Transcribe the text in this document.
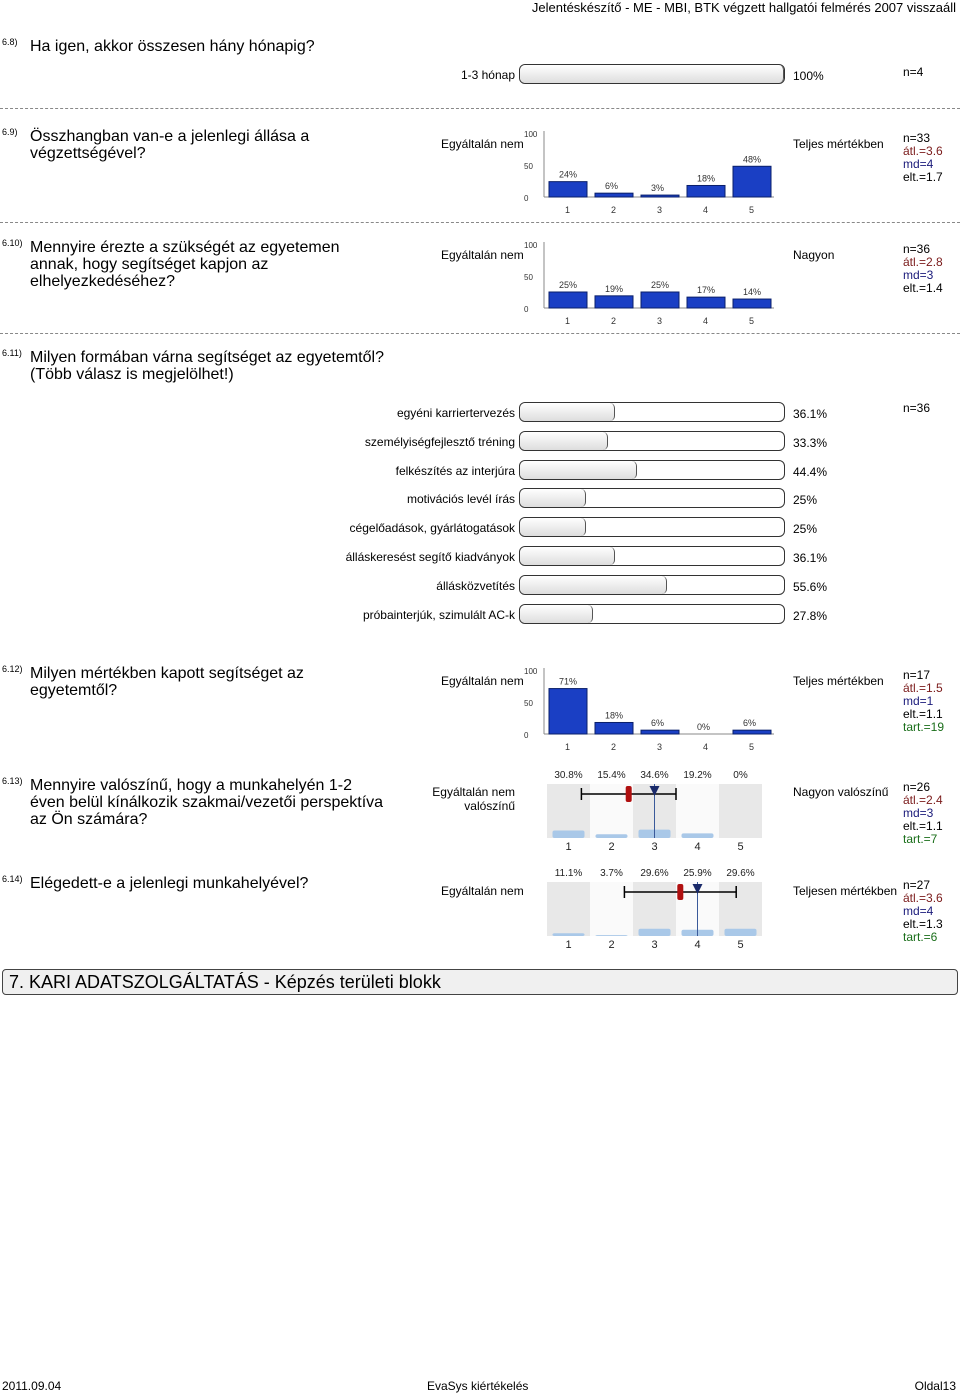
Jelentéskészítő - ME - MBI, BTK végzett hallgatói felmérés 2007 visszaáll
6.8) Ha igen, akkor összesen hány hónapig?
1-3 hónap	100%	n=4
6.9) Összhangban van-e a jelenlegi állása a végzettségével?
Egyáltalán nem
100
50
0
24%
1
6%
2
3%
3
18%
4
48%
5
Teljes mértékben n=33
átl.=3.6
md=4
elt.=1.7
6.10) Mennyire érezte a szükségét az egyetemen annak, hogy segítséget kapjon az elhelyezkedéséhez?
Egyáltalán nem
100
50
0
25%
1
19%
2
25%
3
17%
4
14%
5
Nagyon	n=36
átl.=2.8
md=3
elt.=1.4
6.11) Milyen formában várna segítséget az egyetemtől? (Több válasz is megjelölhet!)
n=36
egyéni karriertervezés	36.1%
személyiségfejlesztő tréning	33.3%
felkészítés az interjúra	44.4%
motivációs levél írás	25%
cégelőadások, gyárlátogatások	25%
álláskeresést segítő kiadványok	36.1%
állásközvetítés	55.6%
próbainterjúk, szimulált AC-k	27.8%
6.12) Milyen mértékben kapott segítséget az egyetemtől?
Egyáltalán nem
100
50
0
71%
1
18%
2
6%
3
0%
4
6%
5
Teljes mértékben n=17
átl.=1.5
md=1
elt.=1.1
tart.=19
6.13) Mennyire valószínű, hogy a munkahelyén 1-2 éven belül kínálkozik szakmai/vezetői perspektíva az Ön számára?
Egyáltalán nem valószínű
30.8%
1
15.4%
2
34.6%
3
19.2%
4
0%
5
Nagyon valószínű n=26
átl.=2.4
md=3
elt.=1.1
tart.=7
6.14) Elégedett-e a jelenlegi munkahelyével?	Egyáltalán nem
11.1%
1
3.7%
2
29.6%
3
25.9%
4
29.6%
5
Teljesen mértékben n=27
átl.=3.6
md=4
elt.=1.3
tart.=6
7. KARI ADATSZOLGÁLTATÁS - Képzés területi blokk
2011.09.04	EvaSys kiértékelés	Oldal13
